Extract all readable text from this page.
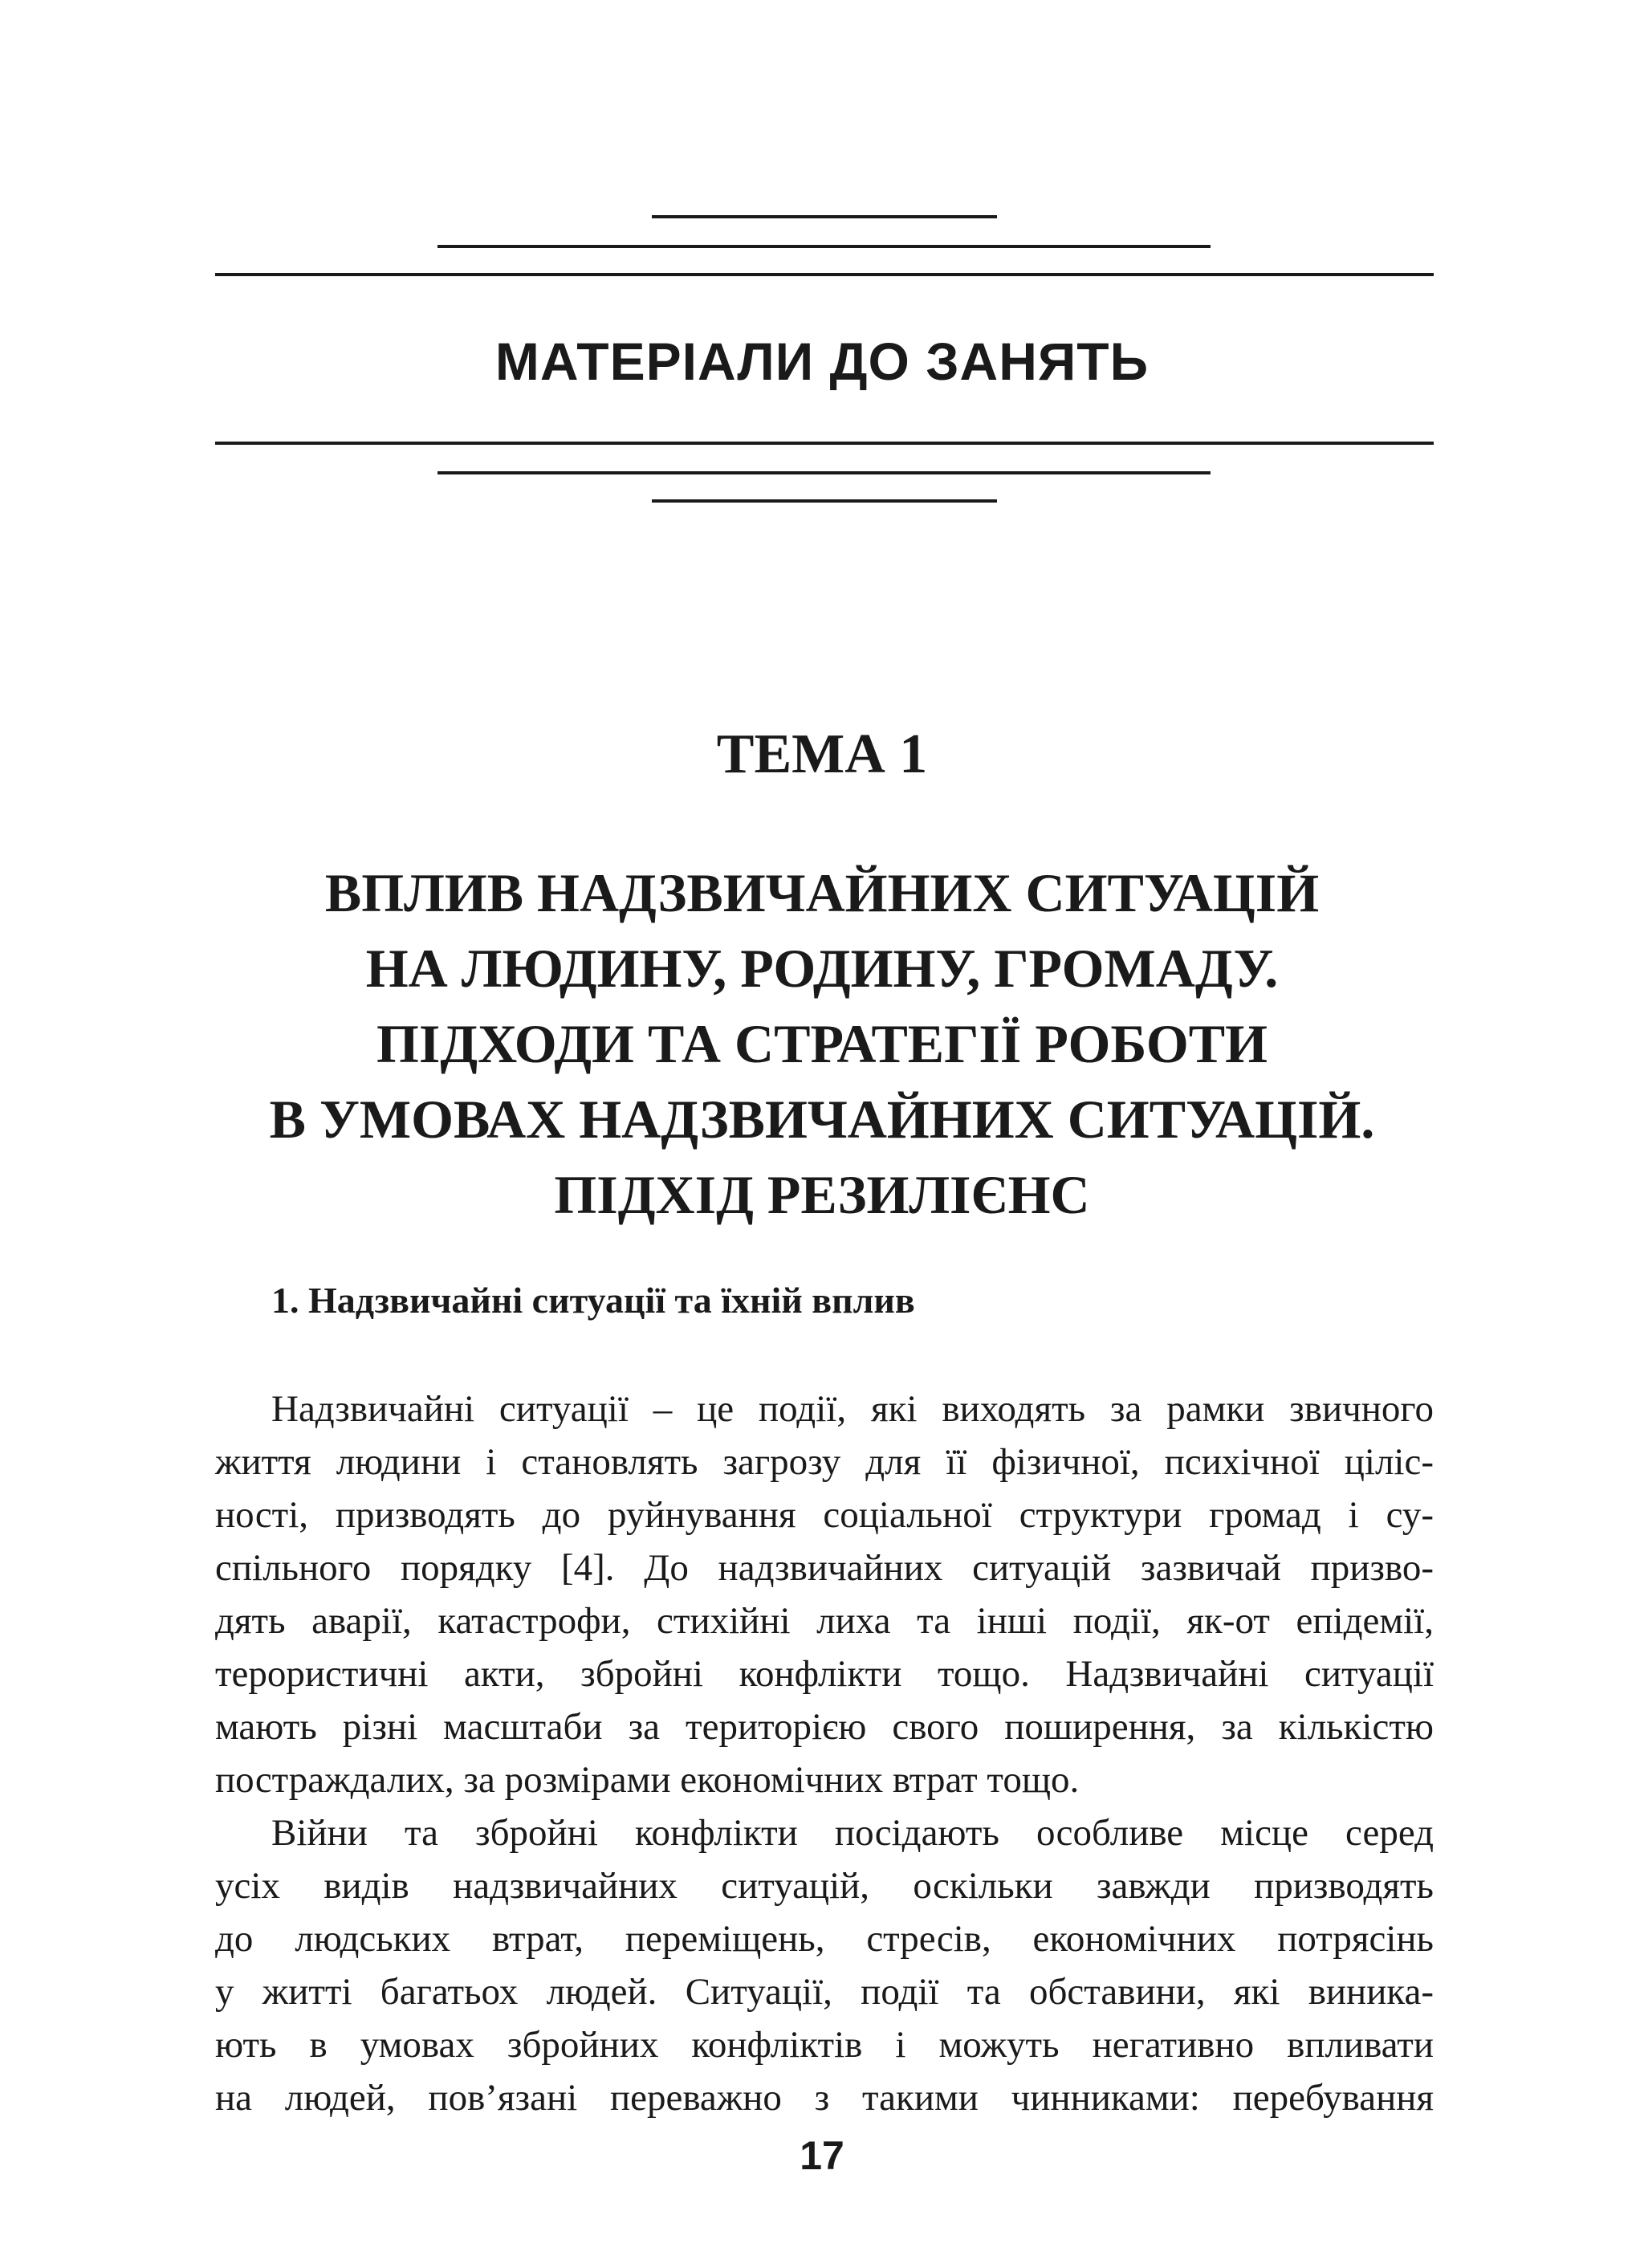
МАТЕРІАЛИ ДО ЗАНЯТЬ
ТЕМА 1
ВПЛИВ НАДЗВИЧАЙНИХ СИТУАЦІЙ
НА ЛЮДИНУ, РОДИНУ, ГРОМАДУ.
ПІДХОДИ ТА СТРАТЕГІЇ РОБОТИ
В УМОВАХ НАДЗВИЧАЙНИХ СИТУАЦІЙ.
ПІДХІД РЕЗИЛІЄНС
1. Надзвичайні ситуації та їхній вплив
Надзвичайні ситуації – це події, які виходять за рамки звичного
життя людини і становлять загрозу для її фізичної, психічної ціліс-
ності, призводять до руйнування соціальної структури громад і су-
спільного порядку [4]. До надзвичайних ситуацій зазвичай призво-
дять аварії, катастрофи, стихійні лиха та інші події, як-от епідемії,
терористичні акти, збройні конфлікти тощо. Надзвичайні ситуації
мають різні масштаби за територією свого поширення, за кількістю
постраждалих, за розмірами економічних втрат тощо.
Війни та збройні конфлікти посідають особливе місце серед
усіх видів надзвичайних ситуацій, оскільки завжди призводять
до людських втрат, переміщень, стресів, економічних потрясінь
у житті багатьох людей. Ситуації, події та обставини, які виника-
ють в умовах збройних конфліктів і можуть негативно впливати
на людей, пов’язані переважно з такими чинниками: перебування
17
